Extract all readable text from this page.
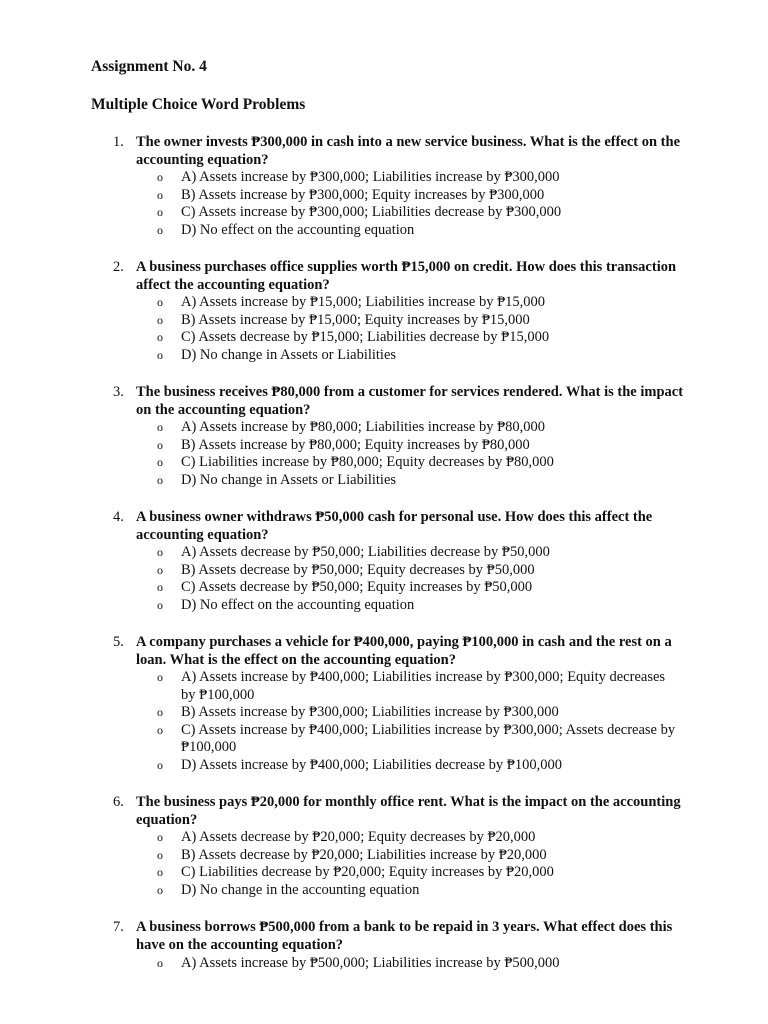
Assignment No. 4
Multiple Choice Word Problems
1. The owner invests ₱300,000 in cash into a new service business. What is the effect on the accounting equation?
o A) Assets increase by ₱300,000; Liabilities increase by ₱300,000
o B) Assets increase by ₱300,000; Equity increases by ₱300,000
o C) Assets increase by ₱300,000; Liabilities decrease by ₱300,000
o D) No effect on the accounting equation
2. A business purchases office supplies worth ₱15,000 on credit. How does this transaction affect the accounting equation?
o A) Assets increase by ₱15,000; Liabilities increase by ₱15,000
o B) Assets increase by ₱15,000; Equity increases by ₱15,000
o C) Assets decrease by ₱15,000; Liabilities decrease by ₱15,000
o D) No change in Assets or Liabilities
3. The business receives ₱80,000 from a customer for services rendered. What is the impact on the accounting equation?
o A) Assets increase by ₱80,000; Liabilities increase by ₱80,000
o B) Assets increase by ₱80,000; Equity increases by ₱80,000
o C) Liabilities increase by ₱80,000; Equity decreases by ₱80,000
o D) No change in Assets or Liabilities
4. A business owner withdraws ₱50,000 cash for personal use. How does this affect the accounting equation?
o A) Assets decrease by ₱50,000; Liabilities decrease by ₱50,000
o B) Assets decrease by ₱50,000; Equity decreases by ₱50,000
o C) Assets decrease by ₱50,000; Equity increases by ₱50,000
o D) No effect on the accounting equation
5. A company purchases a vehicle for ₱400,000, paying ₱100,000 in cash and the rest on a loan. What is the effect on the accounting equation?
o A) Assets increase by ₱400,000; Liabilities increase by ₱300,000; Equity decreases by ₱100,000
o B) Assets increase by ₱300,000; Liabilities increase by ₱300,000
o C) Assets increase by ₱400,000; Liabilities increase by ₱300,000; Assets decrease by ₱100,000
o D) Assets increase by ₱400,000; Liabilities decrease by ₱100,000
6. The business pays ₱20,000 for monthly office rent. What is the impact on the accounting equation?
o A) Assets decrease by ₱20,000; Equity decreases by ₱20,000
o B) Assets decrease by ₱20,000; Liabilities increase by ₱20,000
o C) Liabilities decrease by ₱20,000; Equity increases by ₱20,000
o D) No change in the accounting equation
7. A business borrows ₱500,000 from a bank to be repaid in 3 years. What effect does this have on the accounting equation?
o A) Assets increase by ₱500,000; Liabilities increase by ₱500,000
